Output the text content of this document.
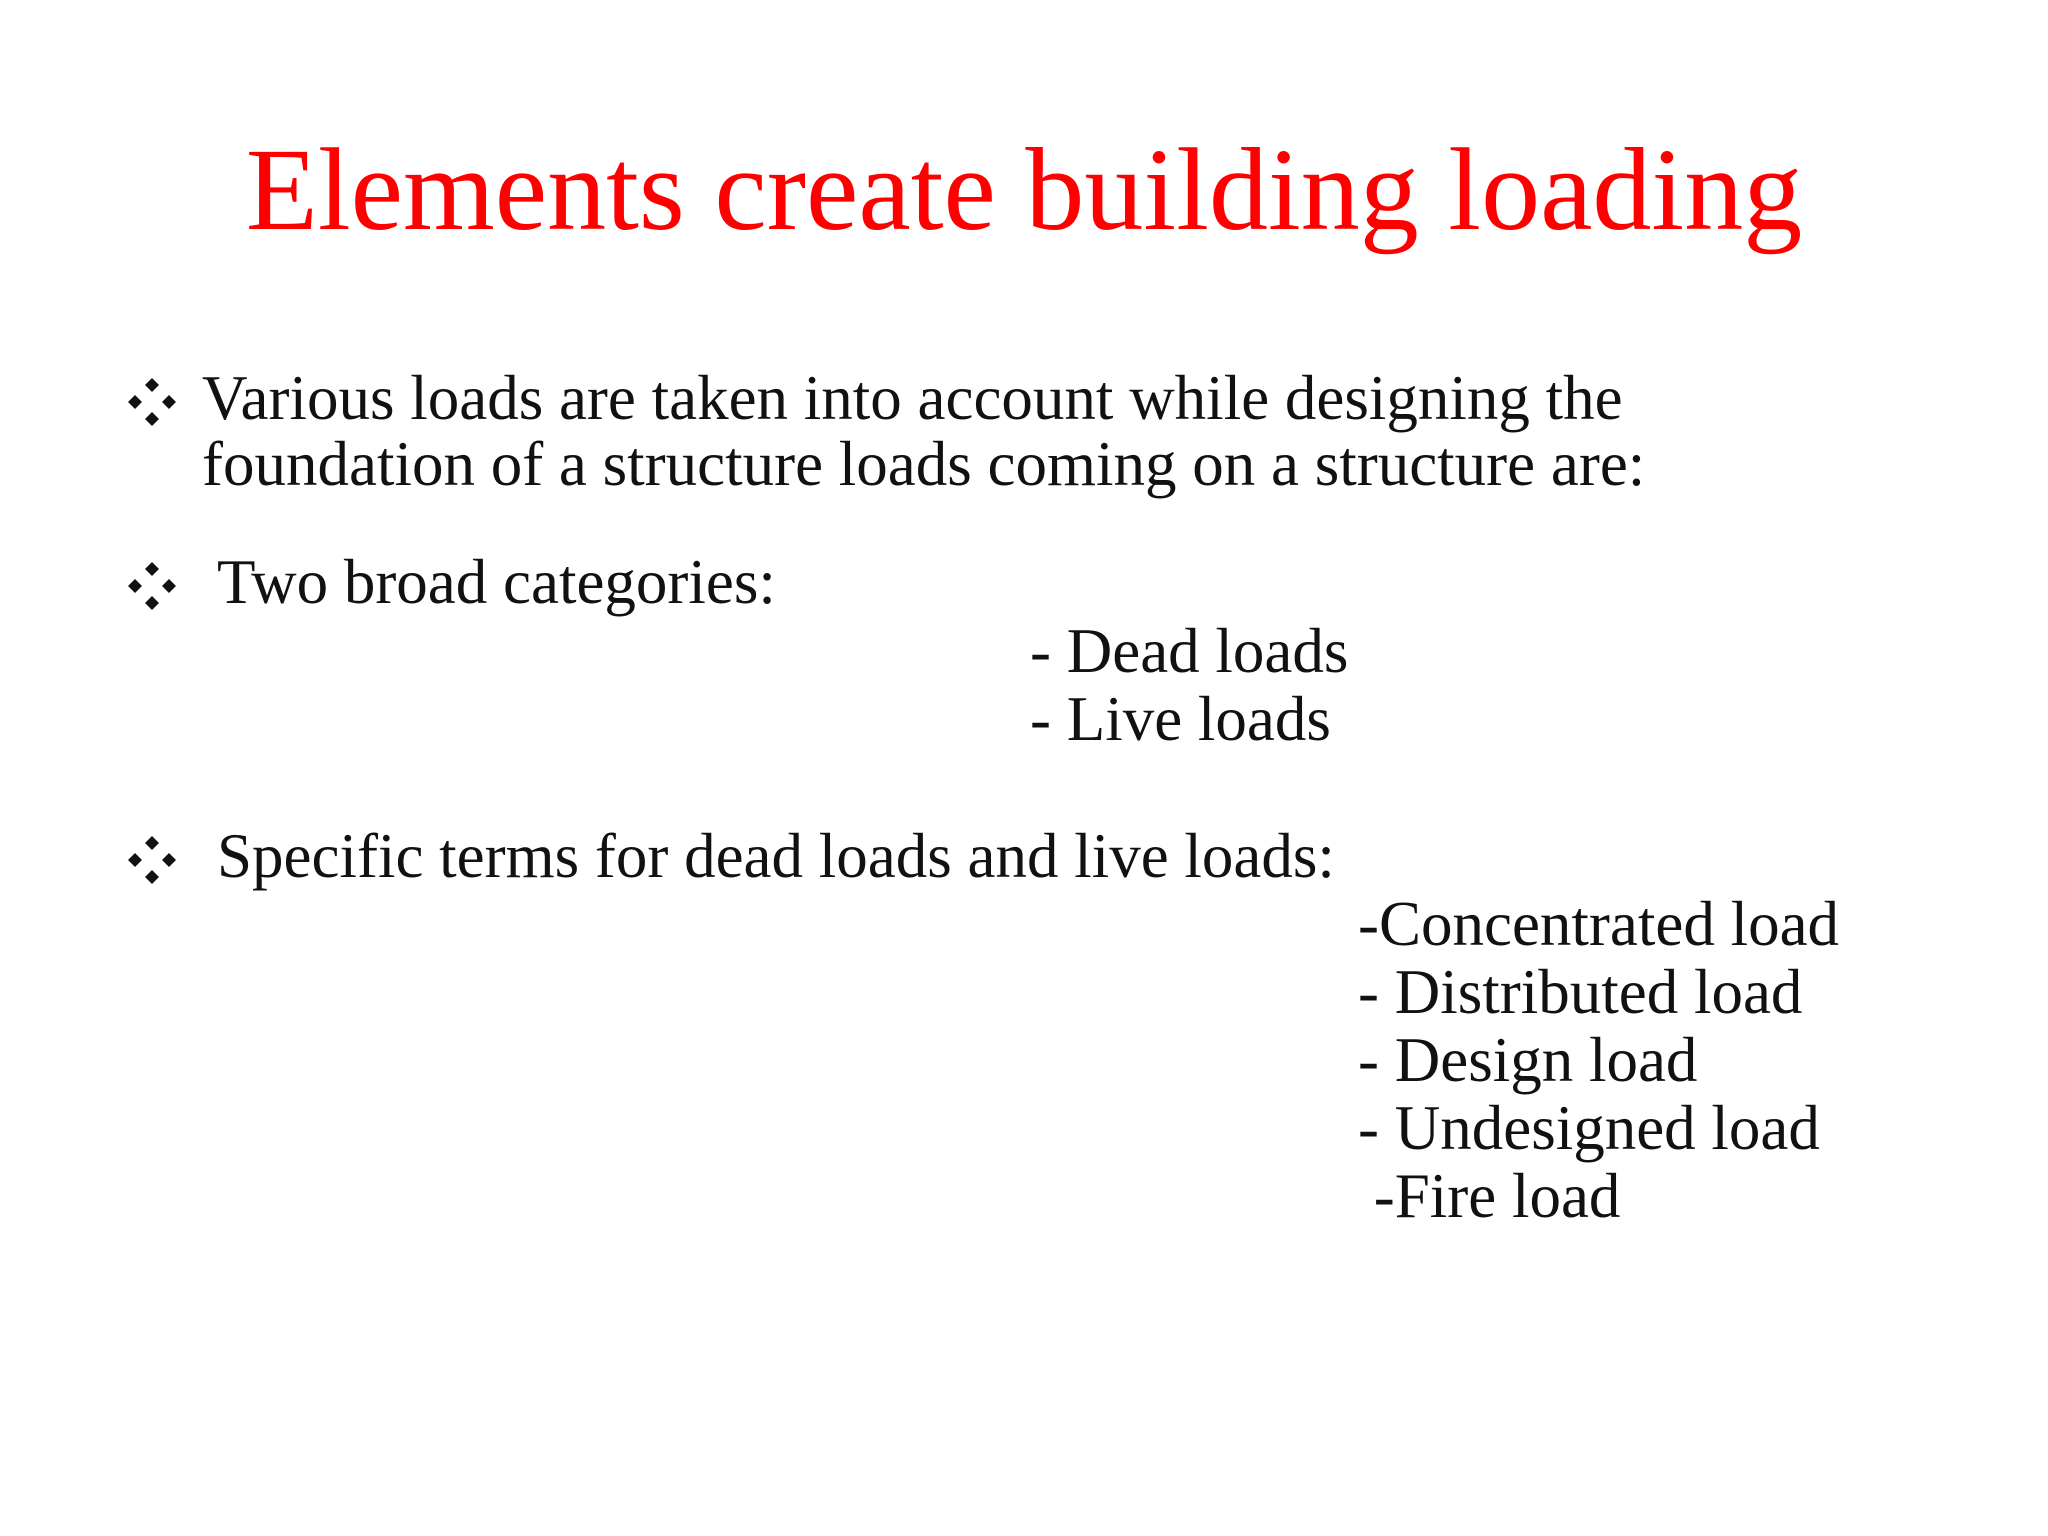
Elements create building loading
Various loads are taken into account while designing the
foundation of a structure loads coming on a structure are:
Two broad categories:
- Dead loads
- Live loads
Specific terms for dead loads and live loads:
-Concentrated load
- Distributed load
- Design load
- Undesigned load
-Fire load
